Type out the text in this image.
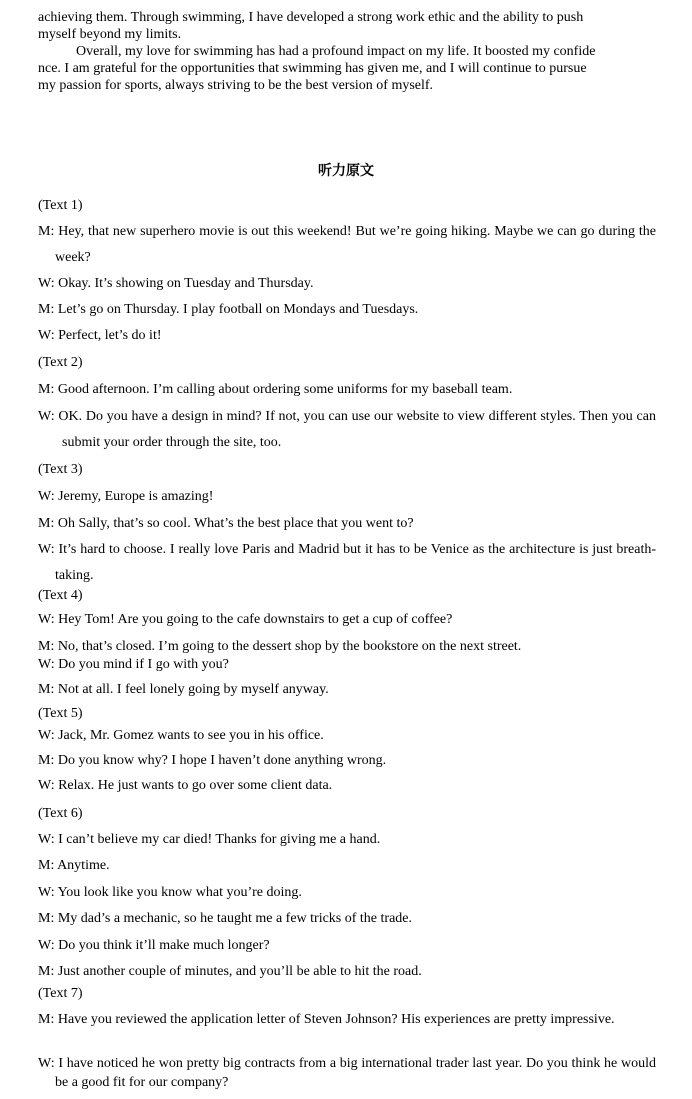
achieving them. Through swimming, I have developed a strong work ethic and the ability to push

myself beyond my limits.

Overall, my love for swimming has had a profound impact on my life. It boosted my confide

nce. I am grateful for the opportunities that swimming has given me, and I will continue to pursue

my passion for sports, always striving to be the best version of myself.

听力原文

(Text 1)

M: Hey, that new superhero movie is out this weekend! But we’re going hiking. Maybe we can go during the week?

W: Okay. It’s showing on Tuesday and Thursday.

M: Let’s go on Thursday. I play football on Mondays and Tuesdays.

W: Perfect, let’s do it!

(Text 2)

M: Good afternoon. I’m calling about ordering some uniforms for my baseball team.

W: OK. Do you have a design in mind? If not, you can use our website to view different styles. Then you can submit your order through the site, too.

(Text 3)

W: Jeremy, Europe is amazing!

M: Oh Sally, that’s so cool. What’s the best place that you went to?

W: It’s hard to choose. I really love Paris and Madrid but it has to be Venice as the architecture is just breath-taking.

(Text 4)

W: Hey Tom! Are you going to the cafe downstairs to get a cup of coffee?

M: No, that’s closed. I’m going to the dessert shop by the bookstore on the next street.

W: Do you mind if I go with you?

M: Not at all. I feel lonely going by myself anyway.

(Text 5)

W: Jack, Mr. Gomez wants to see you in his office.

M: Do you know why? I hope I haven’t done anything wrong.

W: Relax. He just wants to go over some client data.

(Text 6)

W: I can’t believe my car died! Thanks for giving me a hand.

M: Anytime.

W: You look like you know what you’re doing.

M: My dad’s a mechanic, so he taught me a few tricks of the trade.

W: Do you think it’ll make much longer?

M: Just another couple of minutes, and you’ll be able to hit the road.

(Text 7)

M: Have you reviewed the application letter of Steven Johnson? His experiences are pretty impressive.

W: I have noticed he won pretty big contracts from a big international trader last year. Do you think he would be a good fit for our company?
